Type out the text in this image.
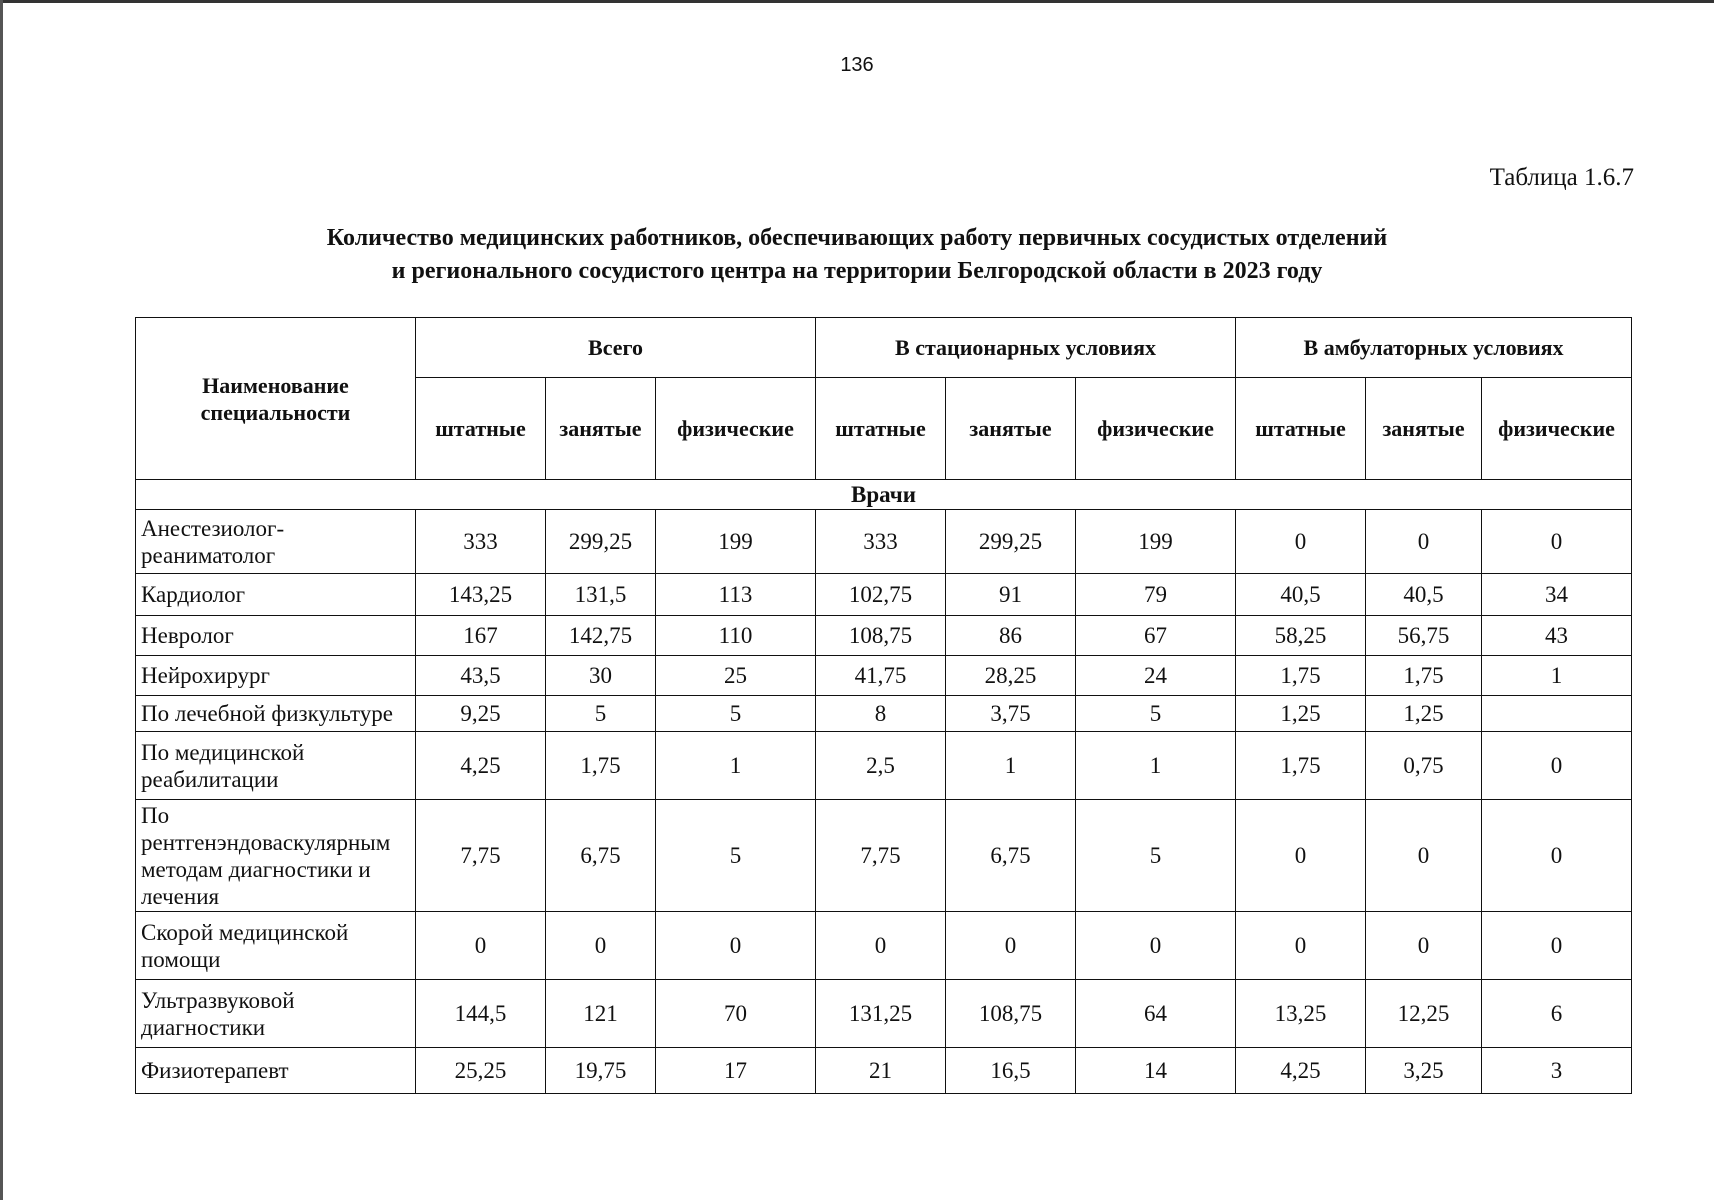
136
Таблица 1.6.7
Количество медицинских работников, обеспечивающих работу первичных сосудистых отделений
и регионального сосудистого центра на территории Белгородской области в 2023 году
Наименование специальности	Всего			В стационарных условиях			В амбулаторных условиях		
	штатные	занятые	физические	штатные	занятые	физические	штатные	занятые	физические
Врачи									
Анестезиолог-реаниматолог	333	299,25	199	333	299,25	199	0	0	0
Кардиолог	143,25	131,5	113	102,75	91	79	40,5	40,5	34
Невролог	167	142,75	110	108,75	86	67	58,25	56,75	43
Нейрохирург	43,5	30	25	41,75	28,25	24	1,75	1,75	1
По лечебной физкультуре	9,25	5	5	8	3,75	5	1,25	1,25	
По медицинской реабилитации	4,25	1,75	1	2,5	1	1	1,75	0,75	0
По рентгенэндоваскулярным методам диагностики и лечения	7,75	6,75	5	7,75	6,75	5	0	0	0
Скорой медицинской помощи	0	0	0	0	0	0	0	0	0
Ультразвуковой диагностики	144,5	121	70	131,25	108,75	64	13,25	12,25	6
Физиотерапевт	25,25	19,75	17	21	16,5	14	4,25	3,25	3
